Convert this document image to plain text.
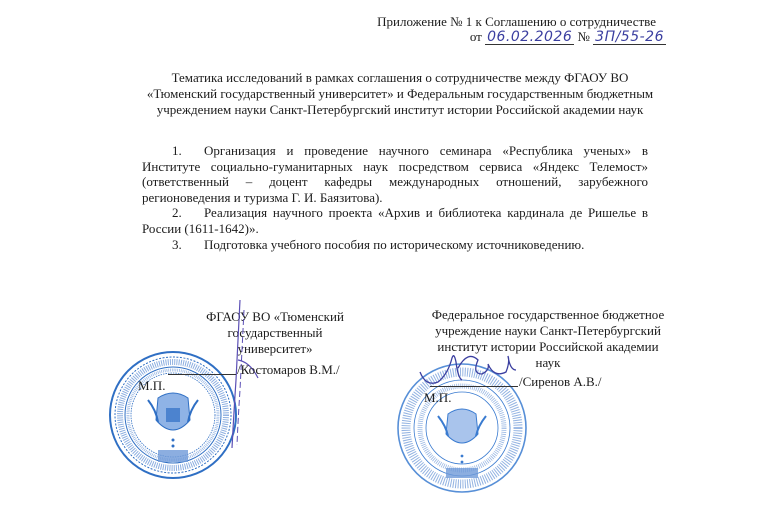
Приложение № 1 к Соглашению о сотрудничестве
от 06.02.2026 № 3П/55-26
Тематика исследований в рамках соглашения о сотрудничестве между ФГАОУ ВО
«Тюменский государственный университет» и Федеральным государственным бюджетным
учреждением науки Санкт-Петербургский институт истории Российской академии наук

1. Организация и проведение научного семинара «Республика ученых» в Институте социально-гуманитарных наук посредством сервиса «Яндекс Телемост» (ответственный – доцент кафедры международных отношений, зарубежного регионоведения и туризма Г. И. Баязитова).

2. Реализация научного проекта «Архив и библиотека кардинала де Ришелье в России (1611-1642)».

3. Подготовка учебного пособия по историческому источниковедению.

ФГАОУ ВО «Тюменский государственный
университет»
/Костомаров В.М./
М.П.
Федеральное государственное бюджетное
учреждение науки Санкт-Петербургский
институт истории Российской академии наук
/Сиренов А.В./
М.П.
